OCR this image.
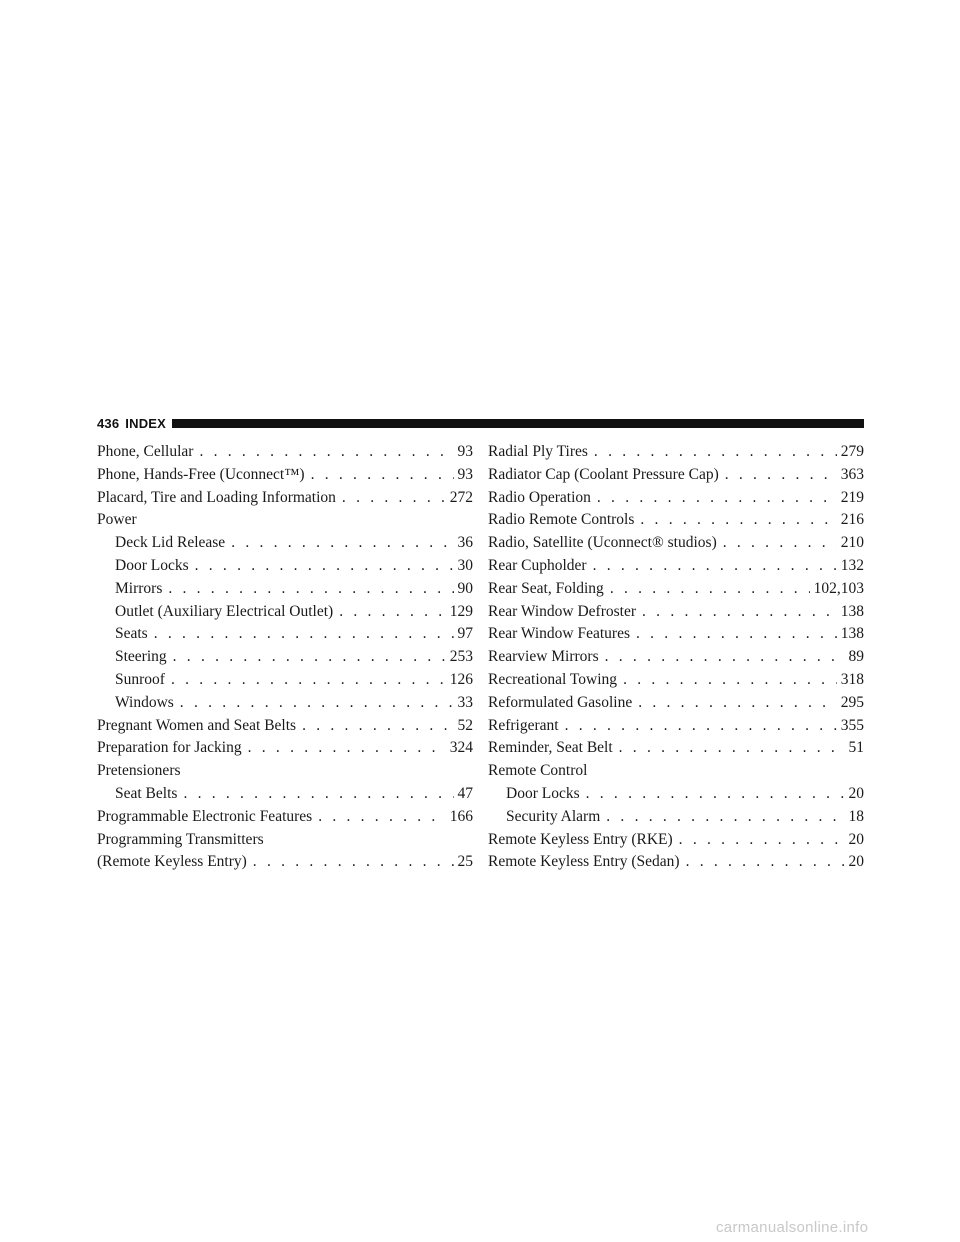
436 INDEX
Phone, Cellular . . .	93
Phone, Hands-Free (Uconnect™) . . .	93
Placard, Tire and Loading Information . . .	272
Power
Deck Lid Release . . .	36
Door Locks . . .	30
Mirrors . . .	90
Outlet (Auxiliary Electrical Outlet) . . .	129
Seats . . .	97
Steering . . .	253
Sunroof . . .	126
Windows . . .	33
Pregnant Women and Seat Belts . . .	52
Preparation for Jacking . . .	324
Pretensioners
Seat Belts . . .	47
Programmable Electronic Features . . .	166
Programming Transmitters
(Remote Keyless Entry) . . .	25
Radial Ply Tires . . .	279
Radiator Cap (Coolant Pressure Cap) . . .	363
Radio Operation . . .	219
Radio Remote Controls . . .	216
Radio, Satellite (Uconnect® studios) . . .	210
Rear Cupholder . . .	132
Rear Seat, Folding . . .	102,103
Rear Window Defroster . . .	138
Rear Window Features . . .	138
Rearview Mirrors . . .	89
Recreational Towing . . .	318
Reformulated Gasoline . . .	295
Refrigerant . . .	355
Reminder, Seat Belt . . .	51
Remote Control
Door Locks . . .	20
Security Alarm . . .	18
Remote Keyless Entry (RKE) . . .	20
Remote Keyless Entry (Sedan) . . .	20
carmanualsonline.info
